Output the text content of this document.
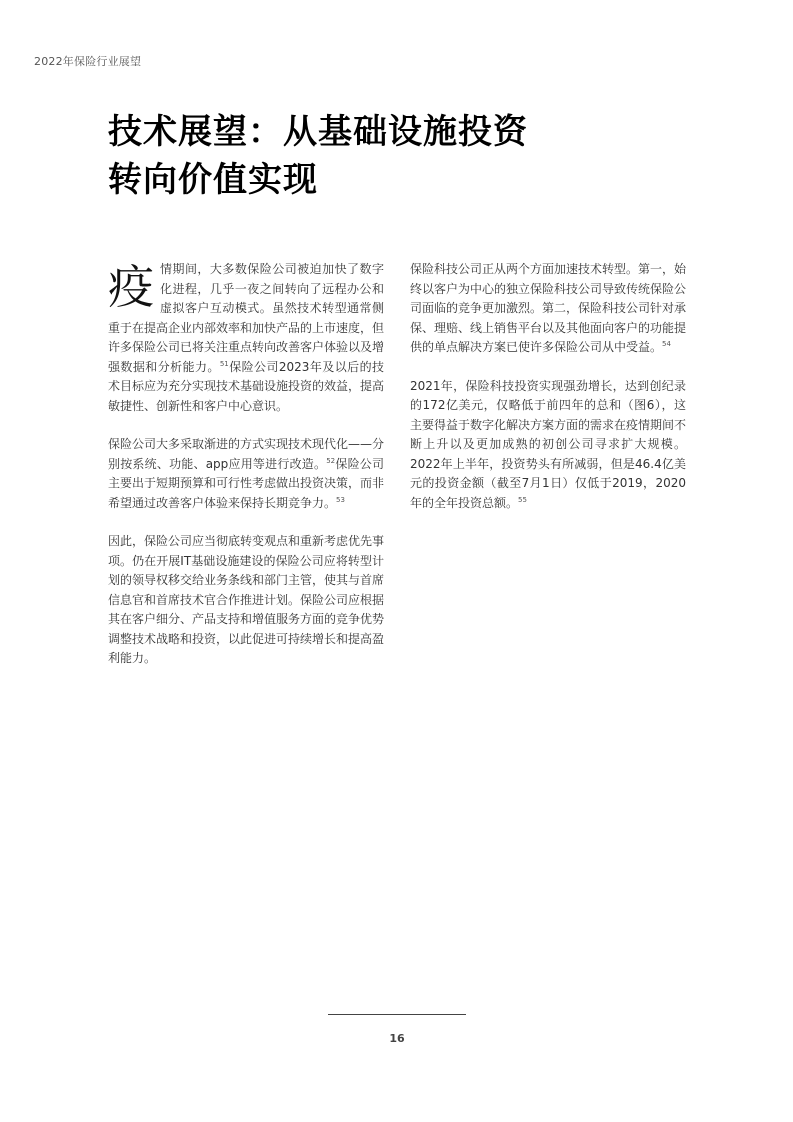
2022年保险行业展望
技术展望：从基础设施投资
转向价值实现

疫情期间，大多数保险公司被迫加快了数字化进程，几乎一夜之间转向了远程办公和虚拟客户互动模式。虽然技术转型通常侧重于在提高企业内部效率和加快产品的上市速度，但许多保险公司已将关注重点转向改善客户体验以及增强数据和分析能力。$^{51}$保险公司2023年及以后的技术目标应为充分实现技术基础设施投资的效益，提高敏捷性、创新性和客户中心意识。

保险公司大多采取渐进的方式实现技术现代化——分别按系统、功能、app应用等进行改造。$^{52}$保险公司主要出于短期预算和可行性考虑做出投资决策，而非希望通过改善客户体验来保持长期竞争力。$^{53}$

因此，保险公司应当彻底转变观点和重新考虑优先事项。仍在开展IT基础设施建设的保险公司应将转型计划的领导权移交给业务条线和部门主管，使其与首席信息官和首席技术官合作推进计划。保险公司应根据其在客户细分、产品支持和增值服务方面的竞争优势调整技术战略和投资，以此促进可持续增长和提高盈利能力。

保险科技公司正从两个方面加速技术转型。第一，始终以客户为中心的独立保险科技公司导致传统保险公司面临的竞争更加激烈。第二，保险科技公司针对承保、理赔、线上销售平台以及其他面向客户的功能提供的单点解决方案已使许多保险公司从中受益。$^{54}$

2021年，保险科技投资实现强劲增长，达到创纪录的172亿美元，仅略低于前四年的总和（图6），这主要得益于数字化解决方案方面的需求在疫情期间不断上升以及更加成熟的初创公司寻求扩大规模。2022年上半年，投资势头有所减弱，但是46.4亿美元的投资金额（截至7月1日）仅低于2019，2020年的全年投资总额。$^{55}$

16
